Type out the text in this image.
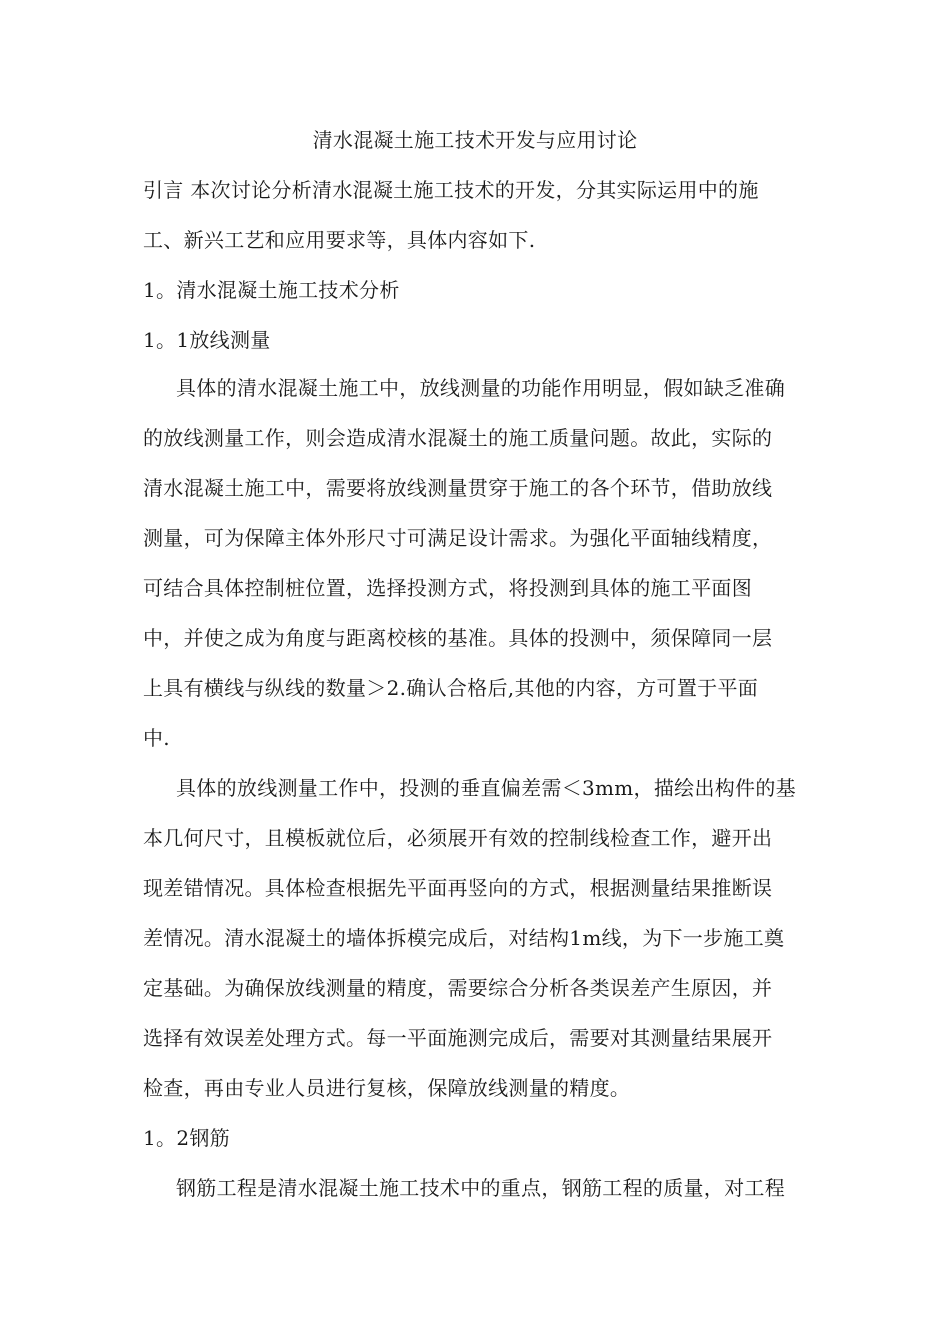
清水混凝土施工技术开发与应用讨论
引言 本次讨论分析清水混凝土施工技术的开发，分其实际运用中的施
工、新兴工艺和应用要求等，具体内容如下.
1。清水混凝土施工技术分析
1。1放线测量
具体的清水混凝土施工中，放线测量的功能作用明显，假如缺乏准确
的放线测量工作，则会造成清水混凝土的施工质量问题。故此，实际的
清水混凝土施工中，需要将放线测量贯穿于施工的各个环节，借助放线
测量，可为保障主体外形尺寸可满足设计需求。为强化平面轴线精度，
可结合具体控制桩位置，选择投测方式，将投测到具体的施工平面图
中，并使之成为角度与距离校核的基准。具体的投测中，须保障同一层
上具有横线与纵线的数量＞2.确认合格后,其他的内容，方可置于平面
中.
具体的放线测量工作中，投测的垂直偏差需＜3mm，描绘出构件的基
本几何尺寸，且模板就位后，必须展开有效的控制线检查工作，避开出
现差错情况。具体检查根据先平面再竖向的方式，根据测量结果推断误
差情况。清水混凝土的墙体拆模完成后，对结构1m线，为下一步施工奠
定基础。为确保放线测量的精度，需要综合分析各类误差产生原因，并
选择有效误差处理方式。每一平面施测完成后，需要对其测量结果展开
检查，再由专业人员进行复核，保障放线测量的精度。
1。2钢筋
钢筋工程是清水混凝土施工技术中的重点，钢筋工程的质量，对工程
